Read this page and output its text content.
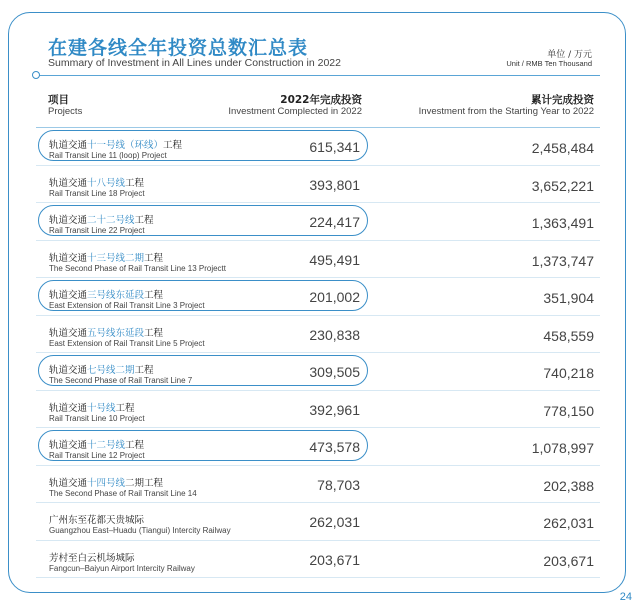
在建各线全年投资总数汇总表
Summary of Investment in All Lines under Construction in 2022
单位 / 万元
Unit / RMB Ten Thousand
项目
Projects
2022年完成投资
Investment Complected in 2022
累计完成投资
Investment from the Starting Year to 2022
轨道交通十一号线（环线）工程
Rail Transit Line 11 (loop) Project
615,341	2,458,484
轨道交通十八号线工程
Rail Transit Line 18 Project
393,801	3,652,221
轨道交通二十二号线工程
Rail Transit Line 22 Project
224,417	1,363,491
轨道交通十三号线二期工程
The Second Phase of Rail Transit Line 13 Projectt
495,491	1,373,747
轨道交通三号线东延段工程
East Extension of Rail Transit Line 3 Project
201,002	351,904
轨道交通五号线东延段工程
East Extension of Rail Transit Line 5 Project
230,838	458,559
轨道交通七号线二期工程
The Second Phase of Rail Transit Line 7
309,505	740,218
轨道交通十号线工程
Rail Transit Line 10 Project
392,961	778,150
轨道交通十二号线工程
Rail Transit Line 12 Project
473,578	1,078,997
轨道交通十四号线二期工程
The Second Phase of Rail Transit Line 14
78,703	202,388
广州东至花都天贵城际
Guangzhou East–Huadu (Tiangui) Intercity Railway
262,031	262,031
芳村至白云机场城际
Fangcun–Baiyun Airport Intercity Railway
203,671	203,671
24
